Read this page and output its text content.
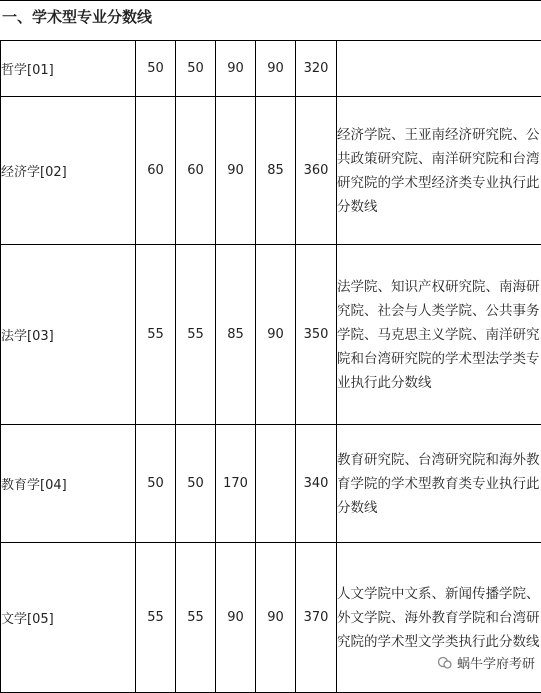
一、学术型专业分数线
哲学[01]	50	50	90	90	320	
经济学[02]	60	60	90	85	360	经济学院、王亚南经济研究院、公共政策研究院、南洋研究院和台湾研究院的学术型经济类专业执行此分数线
法学[03]	55	55	85	90	350	法学院、知识产权研究院、南海研究院、社会与人类学院、公共事务学院、马克思主义学院、南洋研究院和台湾研究院的学术型法学类专业执行此分数线
教育学[04]	50	50	170		340	教育研究院、台湾研究院和海外教育学院的学术型教育类专业执行此分数线
文学[05]	55	55	90	90	370	人文学院中文系、新闻传播学院、外文学院、海外教育学院和台湾研究院的学术型文学类执行此分数线
蜗牛学府考研
